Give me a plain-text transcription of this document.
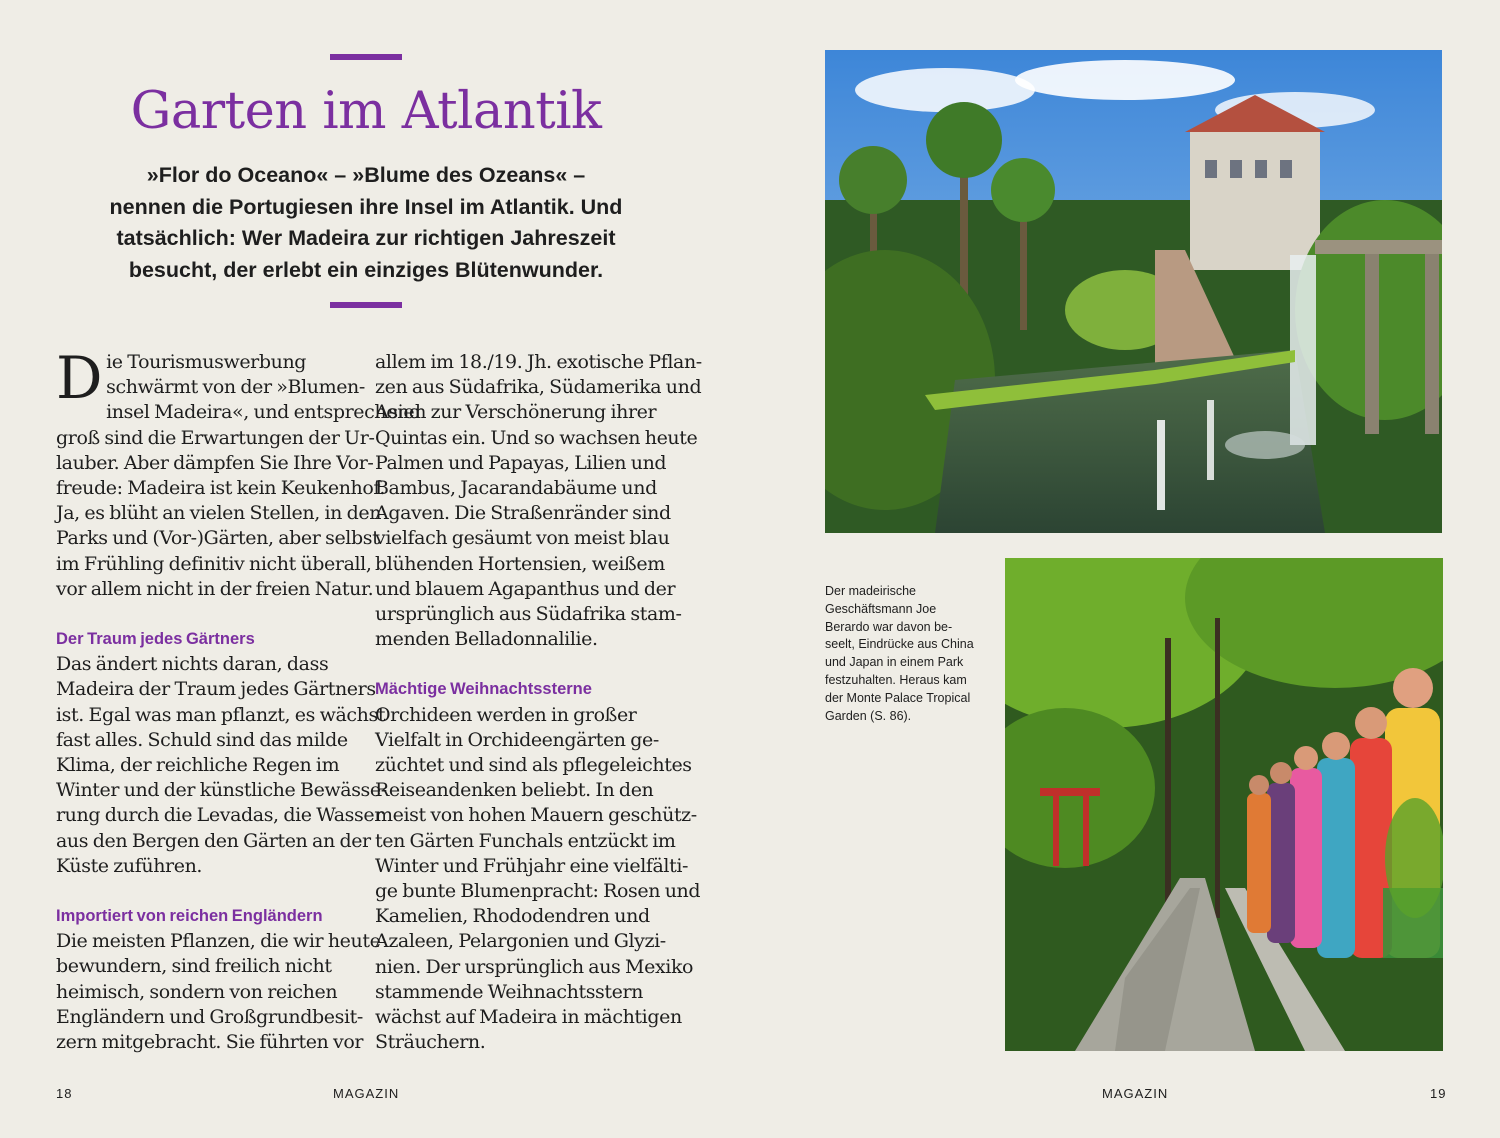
Garten im Atlantik
»Flor do Oceano« – »Blume des Ozeans« –
nennen die Portugiesen ihre Insel im Atlantik. Und
tatsächlich: Wer Madeira zur richtigen Jahreszeit
besucht, der erlebt ein einziges Blütenwunder.

D ie Tourismuswerbung
schwärmt von der »Blumen-
insel Madeira«, und entsprechend
groß sind die Erwartungen der Ur-
lauber. Aber dämpfen Sie Ihre Vor-
freude: Madeira ist kein Keukenhof.
Ja, es blüht an vielen Stellen, in den
Parks und (Vor-)Gärten, aber selbst
im Frühling definitiv nicht überall,
vor allem nicht in der freien Natur.

Der Traum jedes Gärtners

Das ändert nichts daran, dass
Madeira der Traum jedes Gärtners
ist. Egal was man pflanzt, es wächst
fast alles. Schuld sind das milde
Klima, der reichliche Regen im
Winter und der künstliche Bewässe-
rung durch die Levadas, die Wasser
aus den Bergen den Gärten an der
Küste zuführen.

Importiert von reichen Engländern

Die meisten Pflanzen, die wir heute
bewundern, sind freilich nicht
heimisch, sondern von reichen
Engländern und Großgrundbesit-
zern mitgebracht. Sie führten vor

allem im 18./19. Jh. exotische Pflan-
zen aus Südafrika, Südamerika und
Asien zur Verschönerung ihrer
Quintas ein. Und so wachsen heute
Palmen und Papayas, Lilien und
Bambus, Jacarandabäume und
Agaven. Die Straßenränder sind
vielfach gesäumt von meist blau
blühenden Hortensien, weißem
und blauem Agapanthus und der
ursprünglich aus Südafrika stam-
menden Belladonnalilie.

Mächtige Weihnachtssterne

Orchideen werden in großer
Vielfalt in Orchideengärten ge-
züchtet und sind als pflegeleichtes
Reiseandenken beliebt. In den
meist von hohen Mauern geschütz-
ten Gärten Funchals entzückt im
Winter und Frühjahr eine vielfälti-
ge bunte Blumenpracht: Rosen und
Kamelien, Rhododendren und
Azaleen, Pelargonien und Glyzi-
nien. Der ursprünglich aus Mexiko
stammende Weihnachtsstern
wächst auf Madeira in mächtigen
Sträuchern.

18	MAGAZIN
Der madeirische
Geschäftsmann Joe
Berardo war davon be-
seelt, Eindrücke aus China
und Japan in einem Park
festzuhalten. Heraus kam
der Monte Palace Tropical
Garden (S. 86).
MAGAZIN	19
